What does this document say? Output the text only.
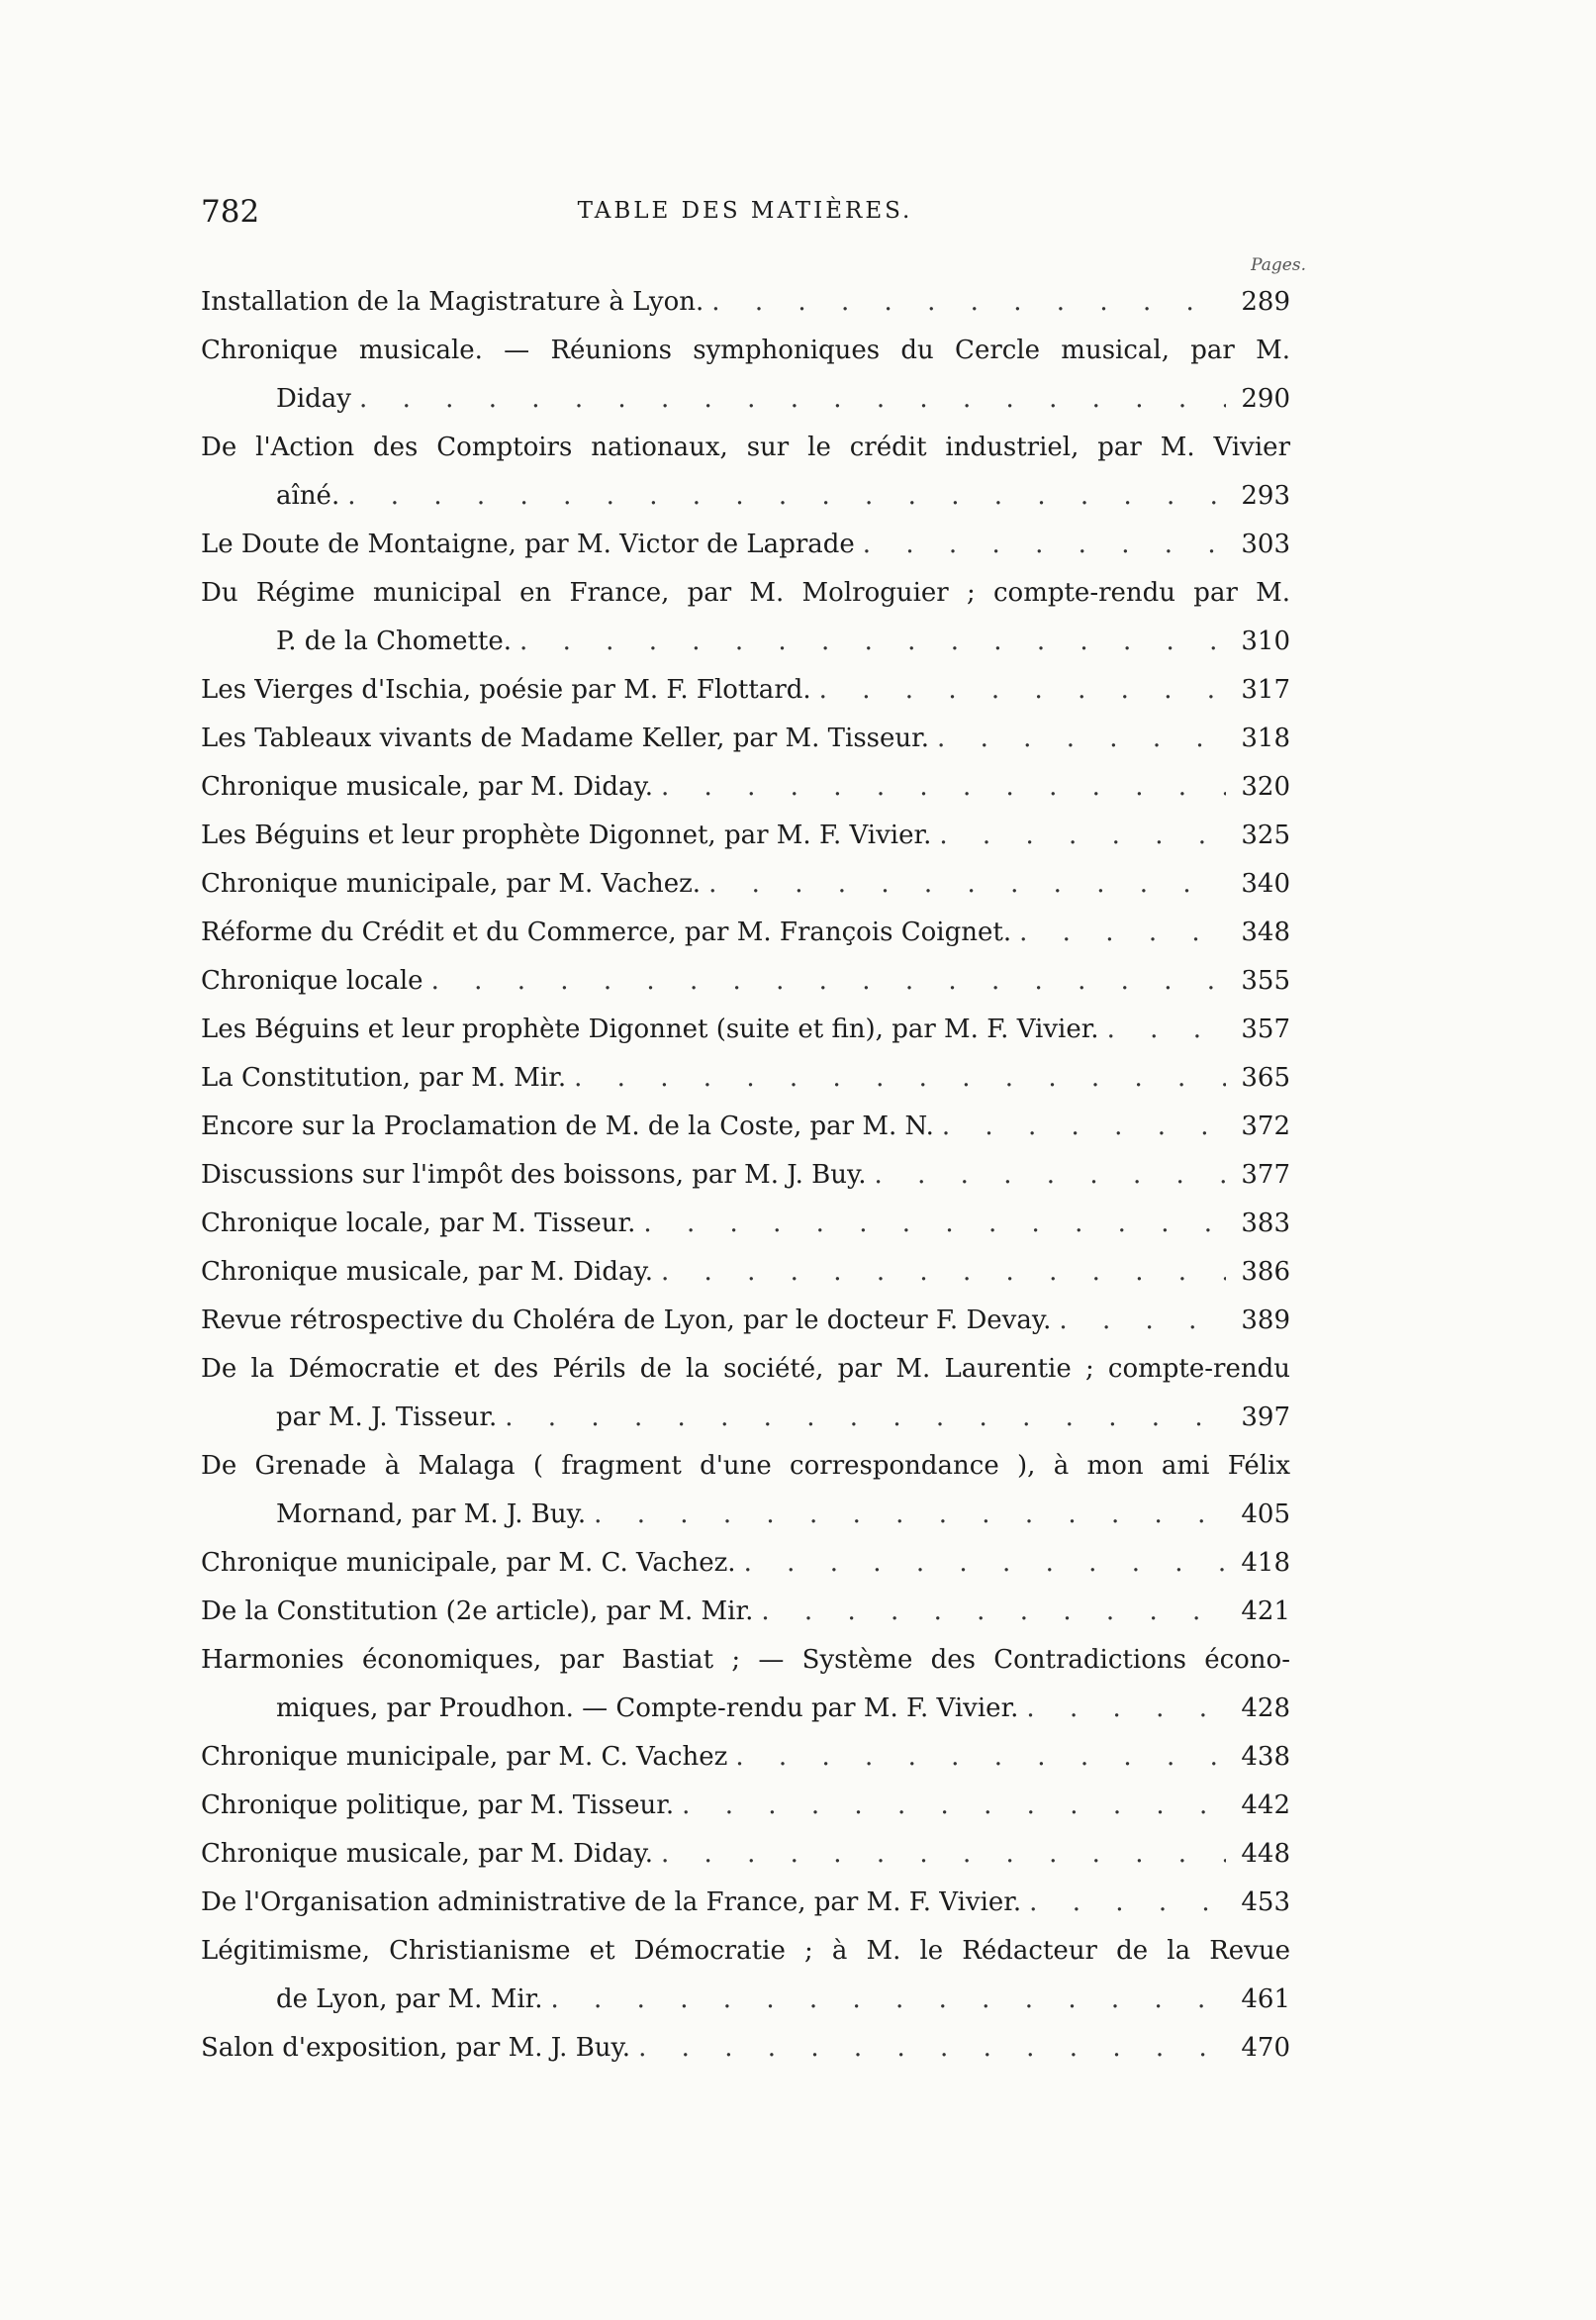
782	TABLE DES MATIÈRES.
Pages.
Installation de la Magistrature à Lyon. . . .	289
Chronique musicale. — Réunions symphoniques du Cercle musical, par M.
Diday . . .	290
De l'Action des Comptoirs nationaux, sur le crédit industriel, par M. Vivier
aîné. . . .	293
Le Doute de Montaigne, par M. Victor de Laprade . . .	303
Du Régime municipal en France, par M. Molroguier ; compte-rendu par M.
P. de la Chomette. . . .	310
Les Vierges d'Ischia, poésie par M. F. Flottard. . . .	317
Les Tableaux vivants de Madame Keller, par M. Tisseur. . . .	318
Chronique musicale, par M. Diday. . . .	320
Les Béguins et leur prophète Digonnet, par M. F. Vivier. . . .	325
Chronique municipale, par M. Vachez. . . .	340
Réforme du Crédit et du Commerce, par M. François Coignet. . . .	348
Chronique locale . . .	355
Les Béguins et leur prophète Digonnet (suite et fin), par M. F. Vivier. . . .	357
La Constitution, par M. Mir. . . .	365
Encore sur la Proclamation de M. de la Coste, par M. N. . . .	372
Discussions sur l'impôt des boissons, par M. J. Buy. . . .	377
Chronique locale, par M. Tisseur. . . .	383
Chronique musicale, par M. Diday. . . .	386
Revue rétrospective du Choléra de Lyon, par le docteur F. Devay. . . .	389
De la Démocratie et des Périls de la société, par M. Laurentie ; compte-rendu
par M. J. Tisseur. . . .	397
De Grenade à Malaga ( fragment d'une correspondance ), à mon ami Félix
Mornand, par M. J. Buy. . . .	405
Chronique municipale, par M. C. Vachez. . . .	418
De la Constitution (2e article), par M. Mir. . . .	421
Harmonies économiques, par Bastiat ; — Système des Contradictions écono-
miques, par Proudhon. — Compte-rendu par M. F. Vivier. . . .	428
Chronique municipale, par M. C. Vachez . . .	438
Chronique politique, par M. Tisseur. . . .	442
Chronique musicale, par M. Diday. . . .	448
De l'Organisation administrative de la France, par M. F. Vivier. . . .	453
Légitimisme, Christianisme et Démocratie ; à M. le Rédacteur de la Revue
de Lyon, par M. Mir. . . .	461
Salon d'exposition, par M. J. Buy. . . .	470
